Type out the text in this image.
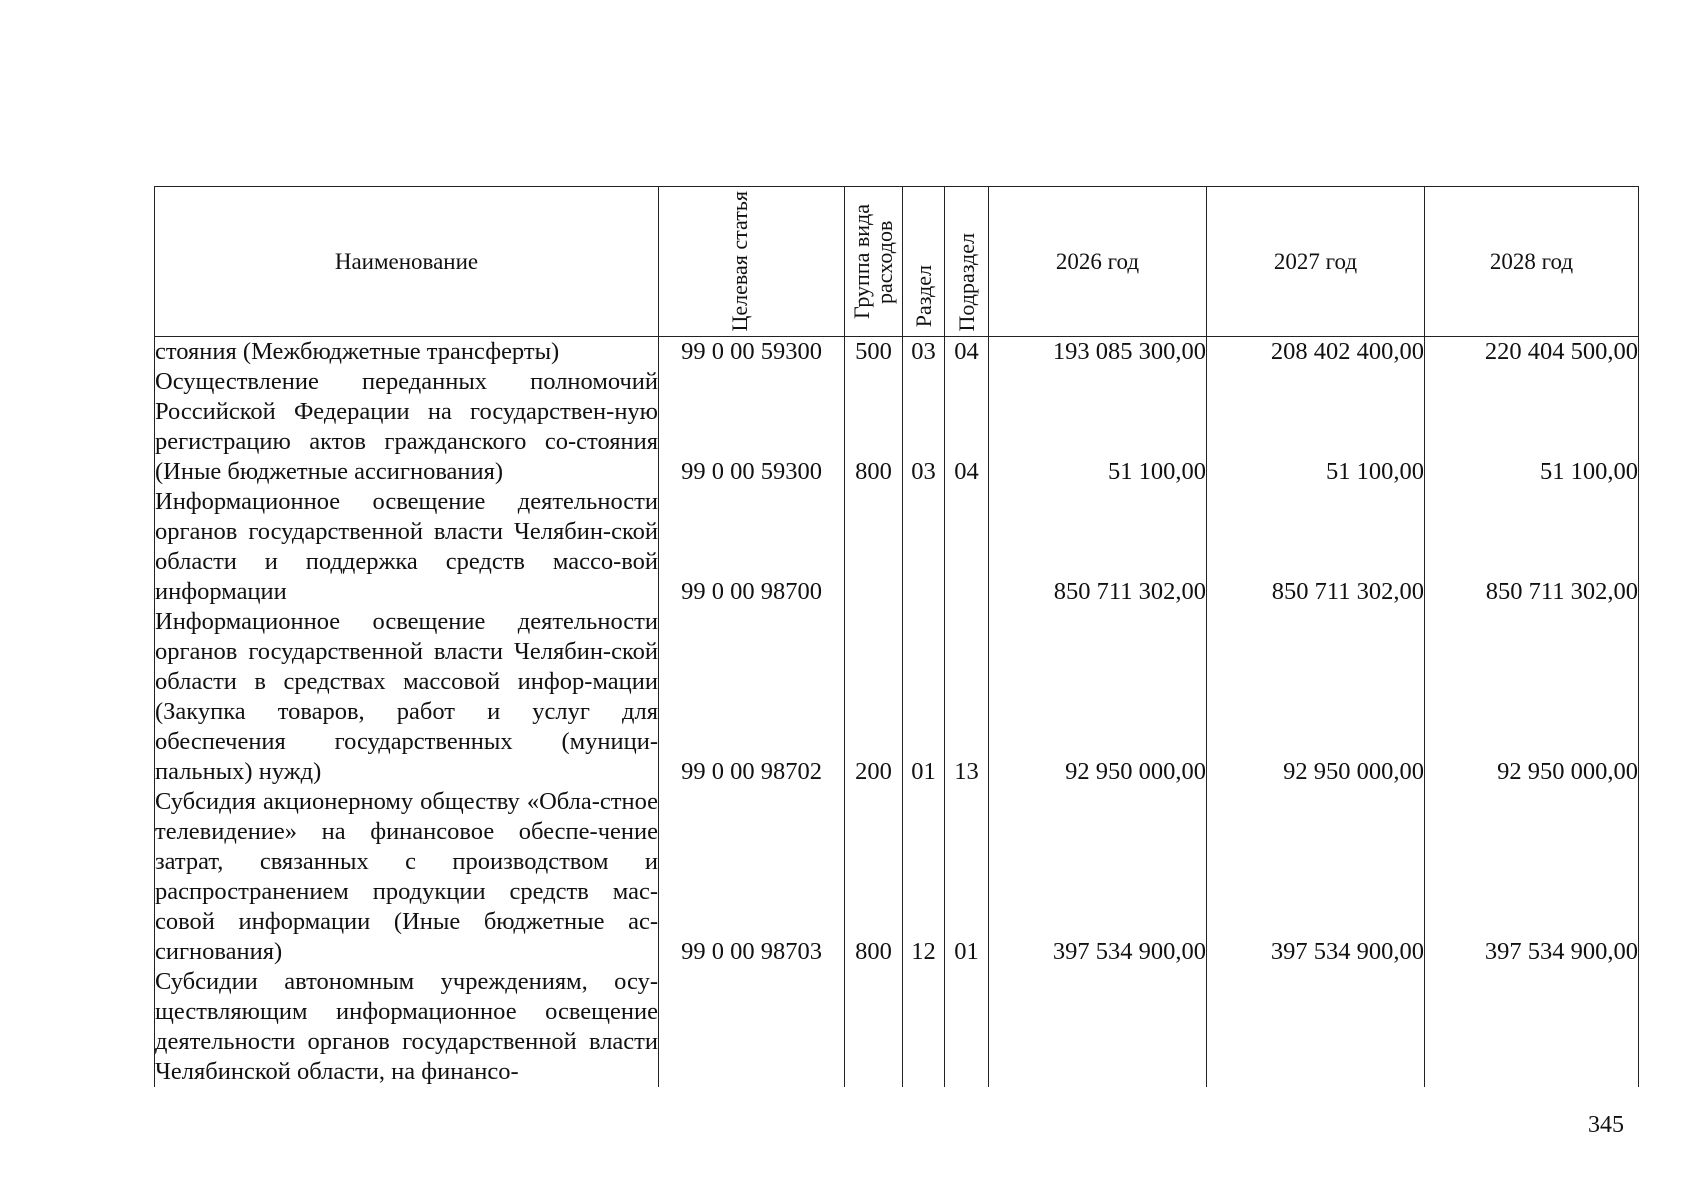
Наименование	Целевая статья	Группа вида расходов	Раздел	Подраздел	2026 год	2027 год	2028 год
стояния (Межбюджетные трансферты)	99 0 00 59300	500	03	04	193 085 300,00	208 402 400,00	220 404 500,00
Осуществление переданных полномочий Российской Федерации на государствен-ную регистрацию актов гражданского со-стояния (Иные бюджетные ассигнования)	99 0 00 59300	800	03	04	51 100,00	51 100,00	51 100,00
Информационное освещение деятельности органов государственной власти Челябин-ской области и поддержка средств массо-вой информации	99 0 00 98700				850 711 302,00	850 711 302,00	850 711 302,00
Информационное освещение деятельности органов государственной власти Челябин-ской области в средствах массовой инфор-мации (Закупка товаров, работ и услуг для обеспечения государственных (муници-пальных) нужд)	99 0 00 98702	200	01	13	92 950 000,00	92 950 000,00	92 950 000,00
Субсидия акционерному обществу «Обла-стное телевидение» на финансовое обеспе-чение затрат, связанных с производством и распространением продукции средств мас-совой информации (Иные бюджетные ас-сигнования)	99 0 00 98703	800	12	01	397 534 900,00	397 534 900,00	397 534 900,00
Субсидии автономным учреждениям, осу-ществляющим информационное освещение деятельности органов государственной власти Челябинской области, на финансо-							
345
